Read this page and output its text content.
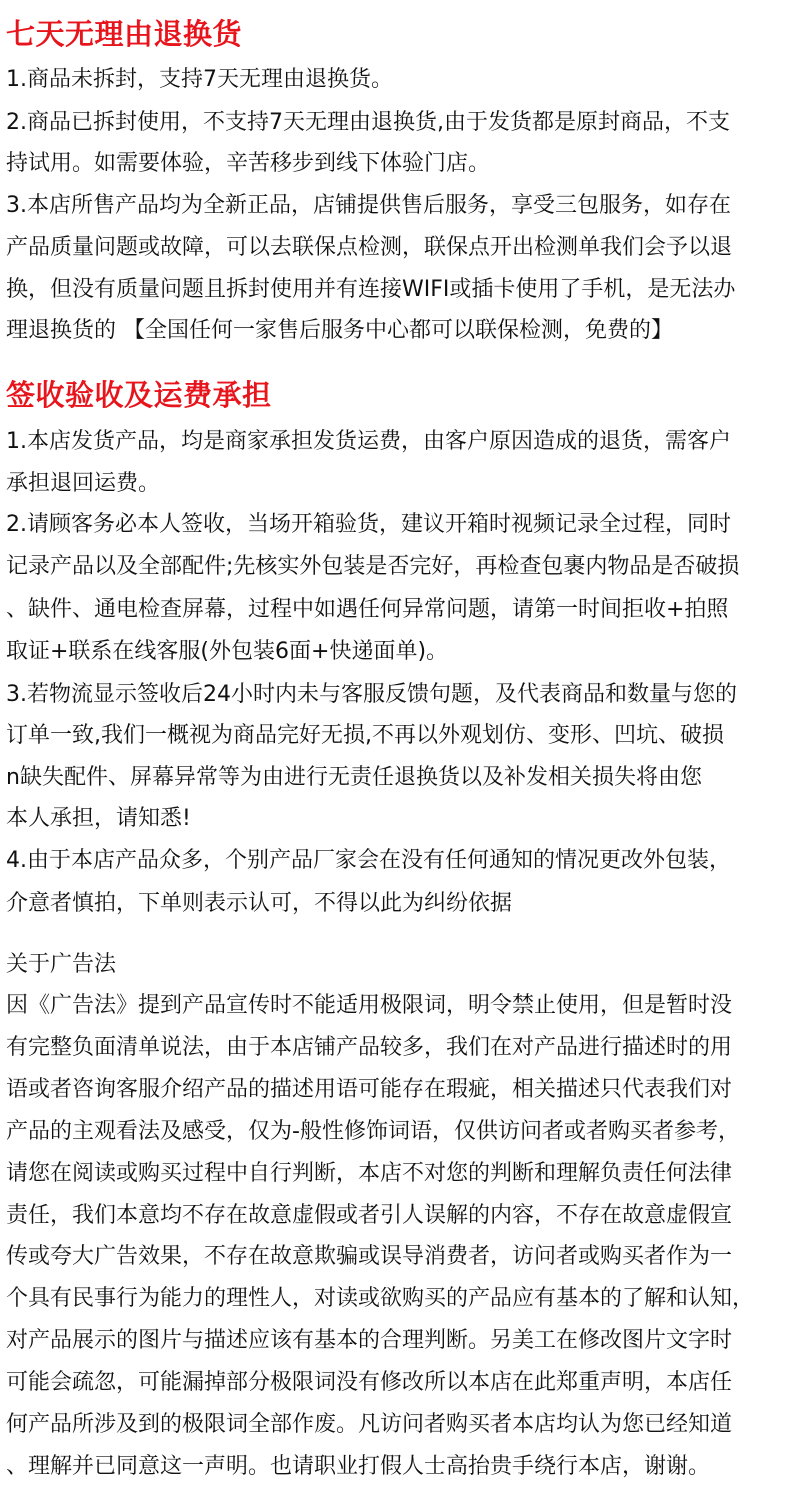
七天无理由退换货
1.商品未拆封，支持7天无理由退换货。
2.商品已拆封使用，不支持7天无理由退换货,由于发货都是原封商品，不支
持试用。如需要体验，辛苦移步到线下体验门店。
3.本店所售产品均为全新正品，店铺提供售后服务，享受三包服务，如存在
产品质量问题或故障，可以去联保点检测，联保点开出检测单我们会予以退
换，但没有质量问题且拆封使用并有连接WIFI或插卡使用了手机，是无法办
理退换货的 【全国任何一家售后服务中心都可以联保检测，免费的】
签收验收及运费承担
1.本店发货产品，均是商家承担发货运费，由客户原因造成的退货，需客户
承担退回运费。
2.请顾客务必本人签收，当场开箱验货，建议开箱时视频记录全过程，同时
记录产品以及全部配件;先核实外包装是否完好，再检查包裹内物品是否破损
、缺件、通电检查屏幕，过程中如遇任何异常问题，请第一时间拒收+拍照
取证+联系在线客服(外包装6面+快递面单)。
3.若物流显示签收后24小时内未与客服反馈句题，及代表商品和数量与您的
订单一致,我们一概视为商品完好无损,不再以外观划仿、变形、凹坑、破损
n缺失配件、屏幕异常等为由进行无责任退换货以及补发相关损失将由您
本人承担，请知悉!
4.由于本店产品众多，个别产品厂家会在没有任何通知的情况更改外包装，
介意者慎拍，下单则表示认可，不得以此为纠纷依据
关于广告法
因《广告法》提到产品宣传时不能适用极限词，明令禁止使用，但是暂时没
有完整负面清单说法，由于本店铺产品较多，我们在对产品进行描述时的用
语或者咨询客服介绍产品的描述用语可能存在瑕疵，相关描述只代表我们对
产品的主观看法及感受，仅为-般性修饰词语，仅供访问者或者购买者参考，
请您在阅读或购买过程中自行判断，本店不对您的判断和理解负责任何法律
责任，我们本意均不存在故意虚假或者引人误解的内容，不存在故意虚假宣
传或夸大广告效果，不存在故意欺骗或误导消费者，访问者或购买者作为一
个具有民事行为能力的理性人，对读或欲购买的产品应有基本的了解和认知，
对产品展示的图片与描述应该有基本的合理判断。另美工在修改图片文字时
可能会疏忽，可能漏掉部分极限词没有修改所以本店在此郑重声明，本店任
何产品所涉及到的极限词全部作废。凡访问者购买者本店均认为您已经知道
、理解并已同意这一声明。也请职业打假人士高抬贵手绕行本店，谢谢。
